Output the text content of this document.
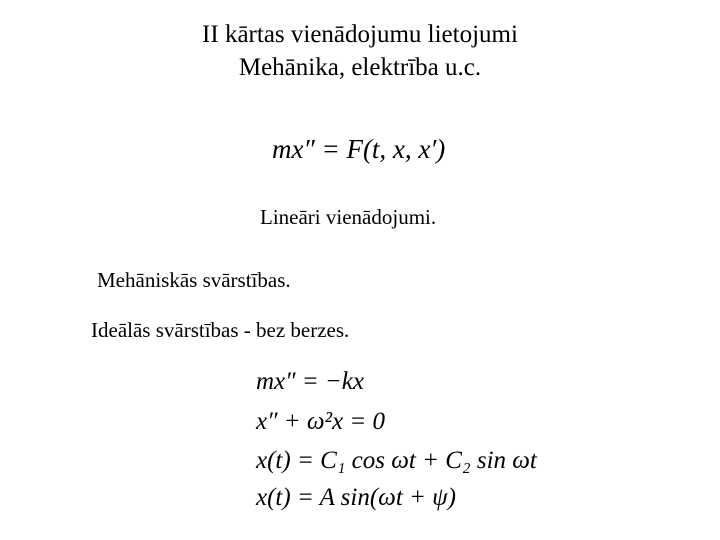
II kārtas vienādojumu lietojumi
Mehānika, elektrība u.c.
mx″ = F(t, x, x′)
Lineāri vienādojumi.
Mehāniskās svārstības.
Ideālās svārstības - bez berzes.
mx″ = −kx
x″ + ω²x = 0
x(t) = C₁ cos ωt + C₂ sin ωt
x(t) = A sin(ωt + ψ)
